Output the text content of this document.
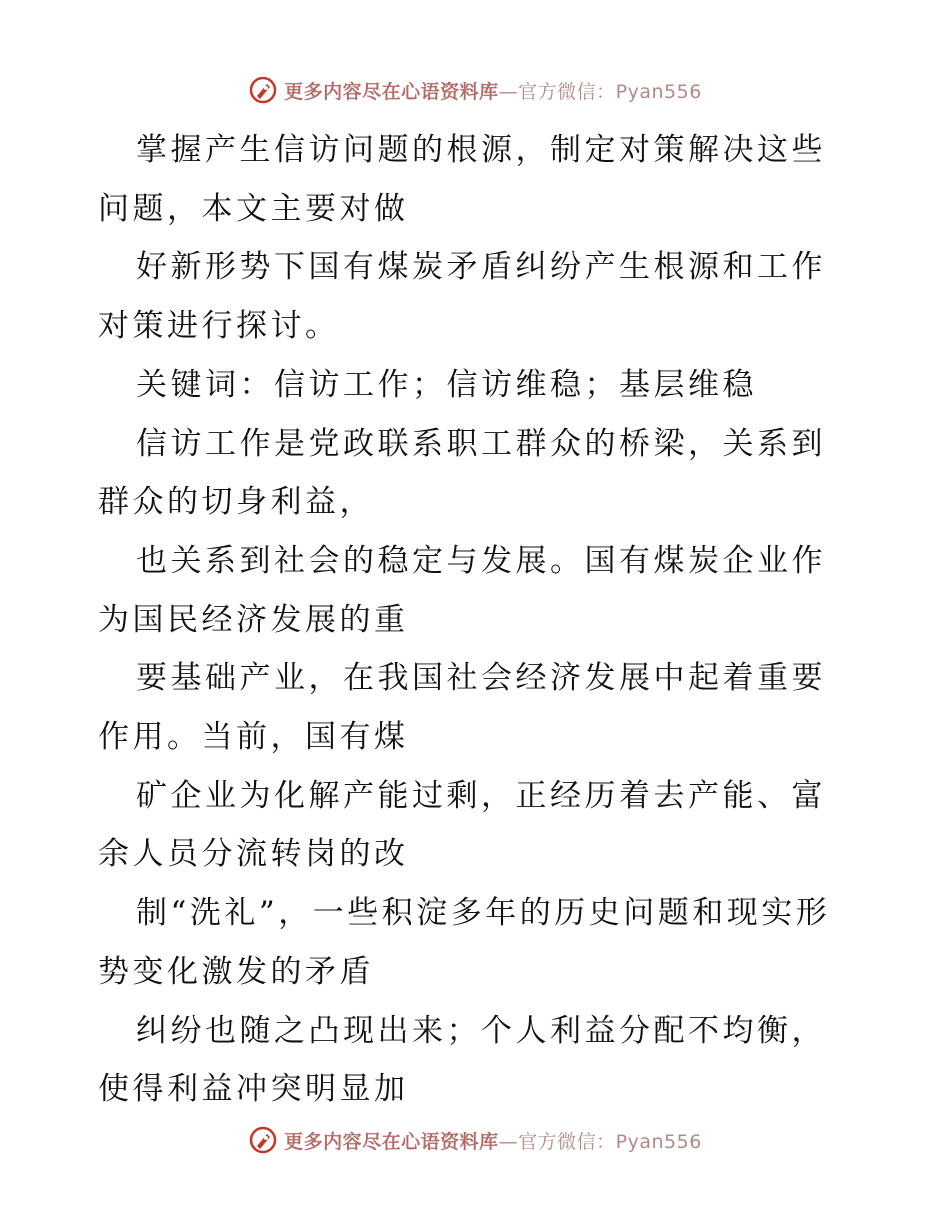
更多内容尽在心语资料库—官方微信：Pyan556

掌握产生信访问题的根源，制定对策解决这些问题，本文主要对做

好新形势下国有煤炭矛盾纠纷产生根源和工作对策进行探讨。

关键词：信访工作；信访维稳；基层维稳

信访工作是党政联系职工群众的桥梁，关系到群众的切身利益，

也关系到社会的稳定与发展。国有煤炭企业作为国民经济发展的重

要基础产业，在我国社会经济发展中起着重要作用。当前，国有煤

矿企业为化解产能过剩，正经历着去产能、富余人员分流转岗的改

制“洗礼”，一些积淀多年的历史问题和现实形势变化激发的矛盾

纠纷也随之凸现出来；个人利益分配不均衡，使得利益冲突明显加

更多内容尽在心语资料库—官方微信：Pyan556
